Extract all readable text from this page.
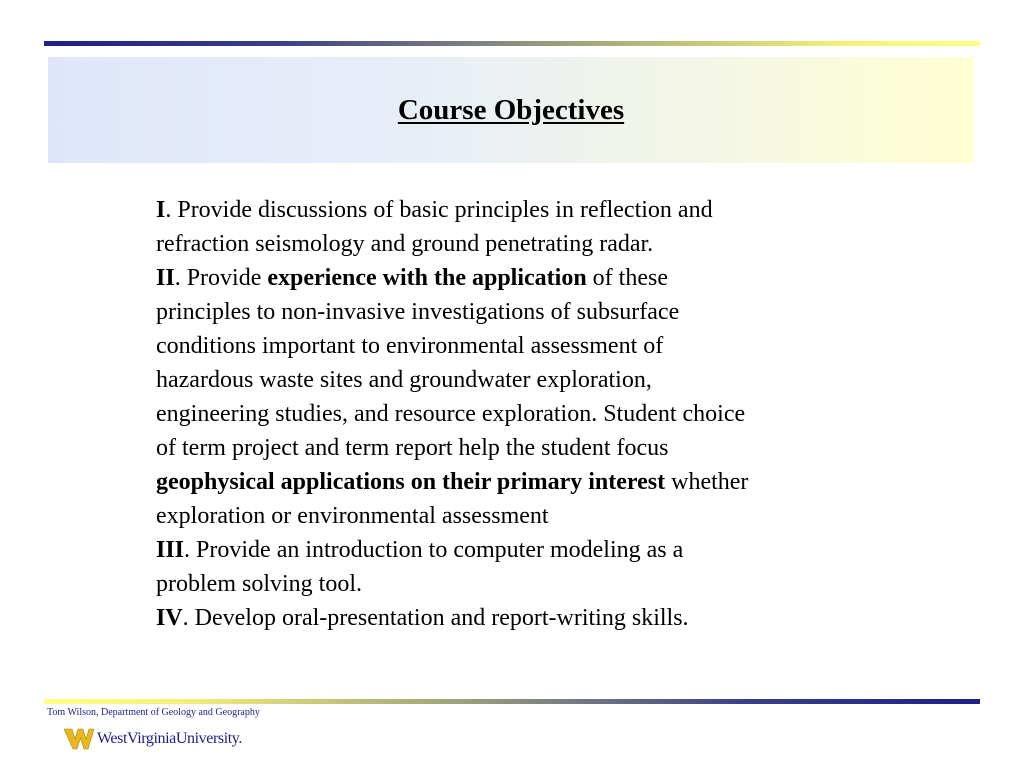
Course Objectives
I. Provide discussions of basic principles in reflection and
refraction seismology and ground penetrating radar.
II. Provide experience with the application of these
principles to non-invasive investigations of subsurface
conditions important to environmental assessment of
hazardous waste sites and groundwater exploration,
engineering studies, and resource exploration. Student choice
of term project and term report help the student focus
geophysical applications on their primary interest whether
exploration or environmental assessment
III. Provide an introduction to computer modeling as a
problem solving tool.
IV. Develop oral-presentation and report-writing skills.
Tom Wilson, Department of Geology and Geography
WestVirginiaUniversity.
